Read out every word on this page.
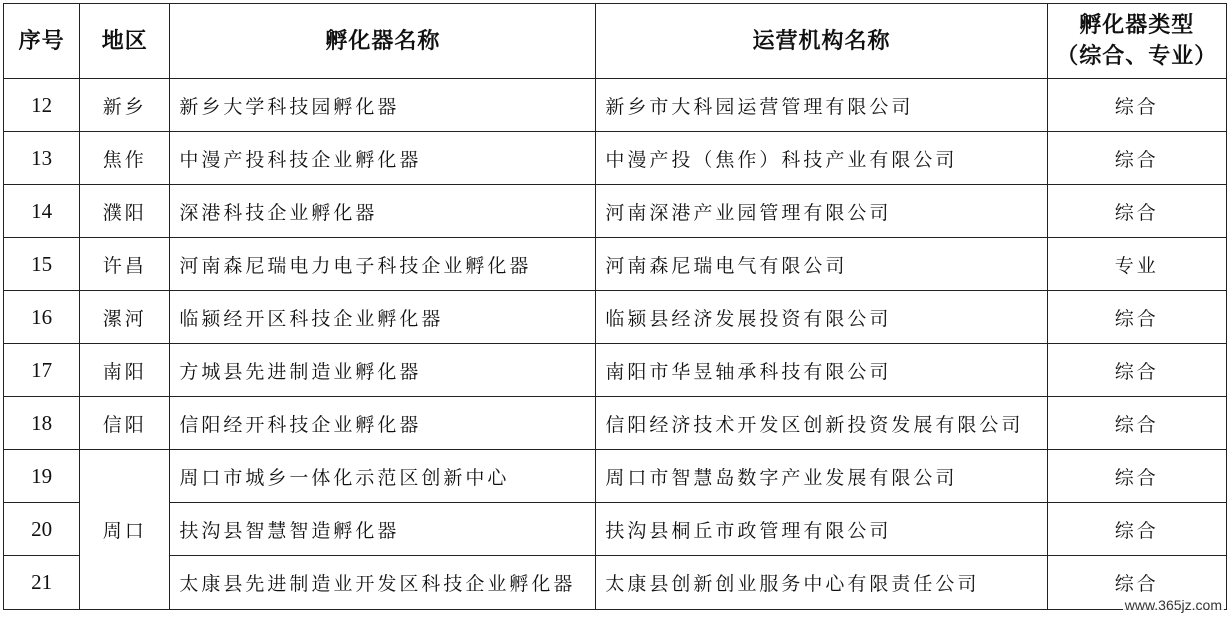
序号	地区	孵化器名称	运营机构名称	孵化器类型
（综合、专业）

12	新乡	新乡大学科技园孵化器	新乡市大科园运营管理有限公司	综合
13	焦作	中漫产投科技企业孵化器	中漫产投（焦作）科技产业有限公司	综合
14	濮阳	深港科技企业孵化器	河南深港产业园管理有限公司	综合
15	许昌	河南森尼瑞电力电子科技企业孵化器	河南森尼瑞电气有限公司	专业
16	漯河	临颍经开区科技企业孵化器	临颍县经济发展投资有限公司	综合
17	南阳	方城县先进制造业孵化器	南阳市华昱轴承科技有限公司	综合
18	信阳	信阳经开科技企业孵化器	信阳经济技术开发区创新投资发展有限公司	综合
19	周口	周口市城乡一体化示范区创新中心	周口市智慧岛数字产业发展有限公司	综合
20		扶沟县智慧智造孵化器	扶沟县桐丘市政管理有限公司	综合
21		太康县先进制造业开发区科技企业孵化器	太康县创新创业服务中心有限责任公司	综合
www.365jz.com
